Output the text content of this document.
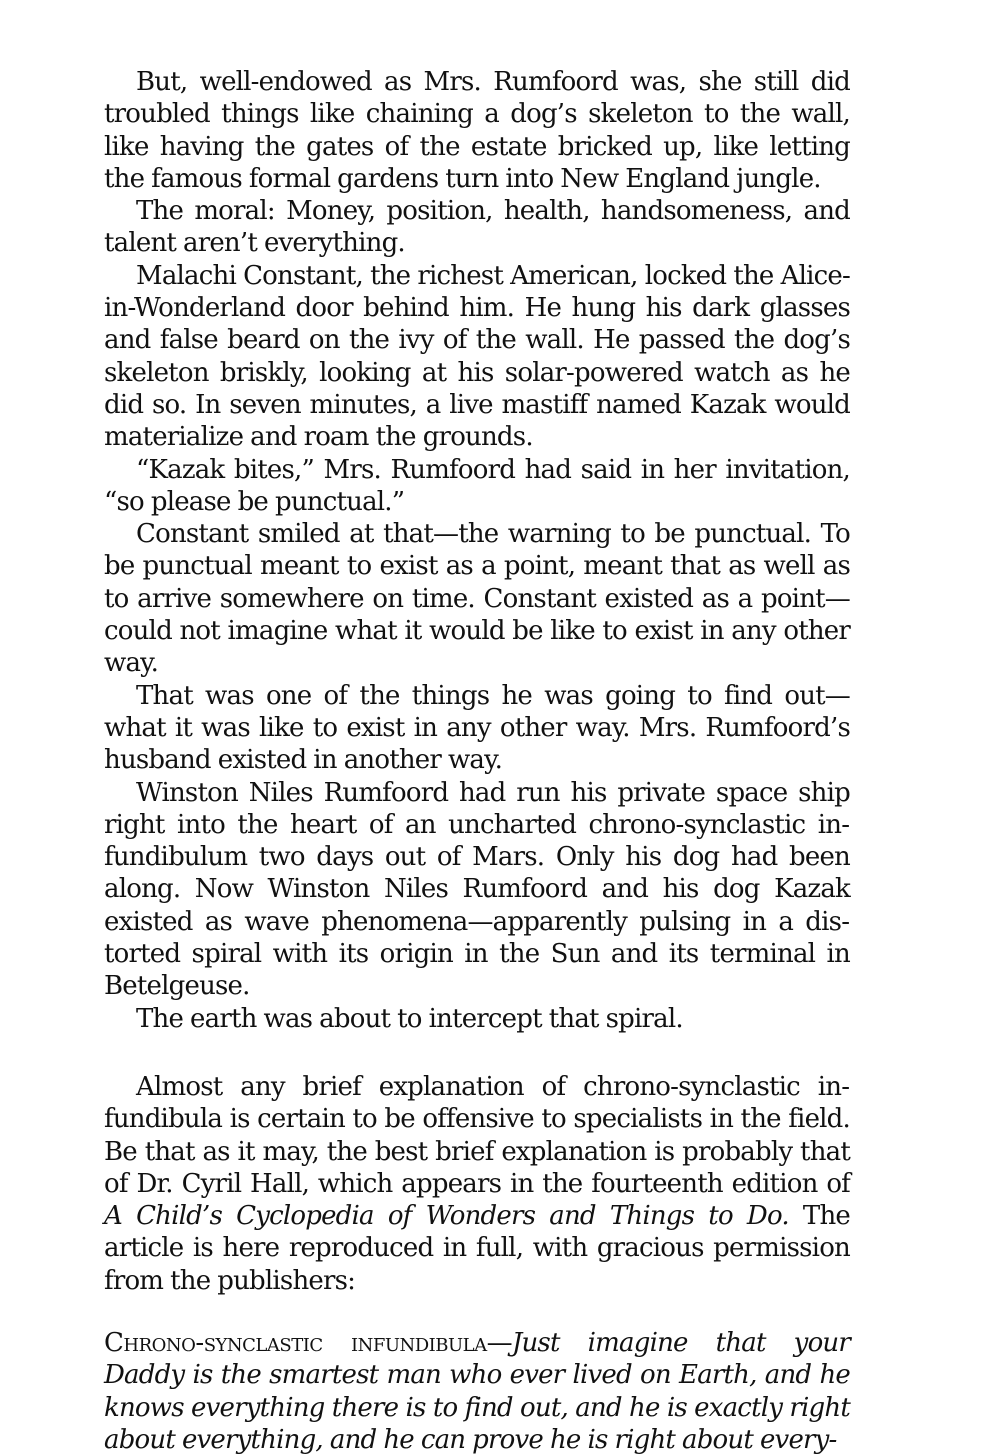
But, well-endowed as Mrs. Rumfoord was, she still did troubled things like chaining a dog’s skeleton to the wall, like having the gates of the estate bricked up, like letting the famous formal gardens turn into New England jungle.

The moral: Money, position, health, handsomeness, and talent aren’t everything.

Malachi Constant, the richest American, locked the Alice-in-Wonderland door behind him. He hung his dark glasses and false beard on the ivy of the wall. He passed the dog’s skeleton briskly, looking at his solar-powered watch as he did so. In seven minutes, a live mastiff named Kazak would materialize and roam the grounds.

“Kazak bites,” Mrs. Rumfoord had said in her invitation, “so please be punctual.”

Constant smiled at that—the warning to be punctual. To be punctual meant to exist as a point, meant that as well as to arrive somewhere on time. Constant existed as a point—could not imagine what it would be like to exist in any other way.

That was one of the things he was going to find out—what it was like to exist in any other way. Mrs. Rumfoord’s husband existed in another way.

Winston Niles Rumfoord had run his private space ship right into the heart of an uncharted chrono-synclastic infundibulum two days out of Mars. Only his dog had been along. Now Winston Niles Rumfoord and his dog Kazak existed as wave phenomena—apparently pulsing in a distorted spiral with its origin in the Sun and its terminal in Betelgeuse.

The earth was about to intercept that spiral.

Almost any brief explanation of chrono-synclastic infundibula is certain to be offensive to specialists in the field. Be that as it may, the best brief explanation is probably that of Dr. Cyril Hall, which appears in the fourteenth edition of A Child’s Cyclopedia of Wonders and Things to Do. The article is here reproduced in full, with gracious permission from the publishers:

Chrono-synclastic infundibula—Just imagine that your Daddy is the smartest man who ever lived on Earth, and he knows everything there is to find out, and he is exactly right about everything, and he can prove he is right about every-
